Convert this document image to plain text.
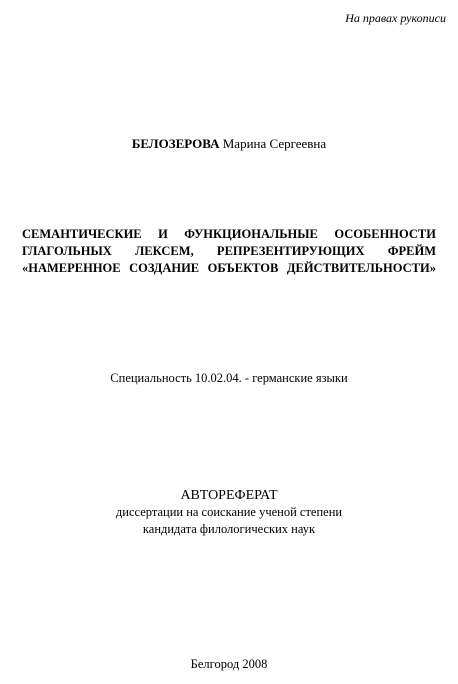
На правах рукописи
БЕЛОЗЕРОВА Марина Сергеевна
СЕМАНТИЧЕСКИЕ И ФУНКЦИОНАЛЬНЫЕ ОСОБЕННОСТИ
ГЛАГОЛЬНЫХ ЛЕКСЕМ, РЕПРЕЗЕНТИРУЮЩИХ ФРЕЙМ
«НАМЕРЕННОЕ СОЗДАНИЕ ОБЪЕКТОВ ДЕЙСТВИТЕЛЬНОСТИ»
Специальность 10.02.04. - германские языки
АВТОРЕФЕРАТ
диссертации на соискание ученой степени
кандидата филологических наук
Белгород 2008
